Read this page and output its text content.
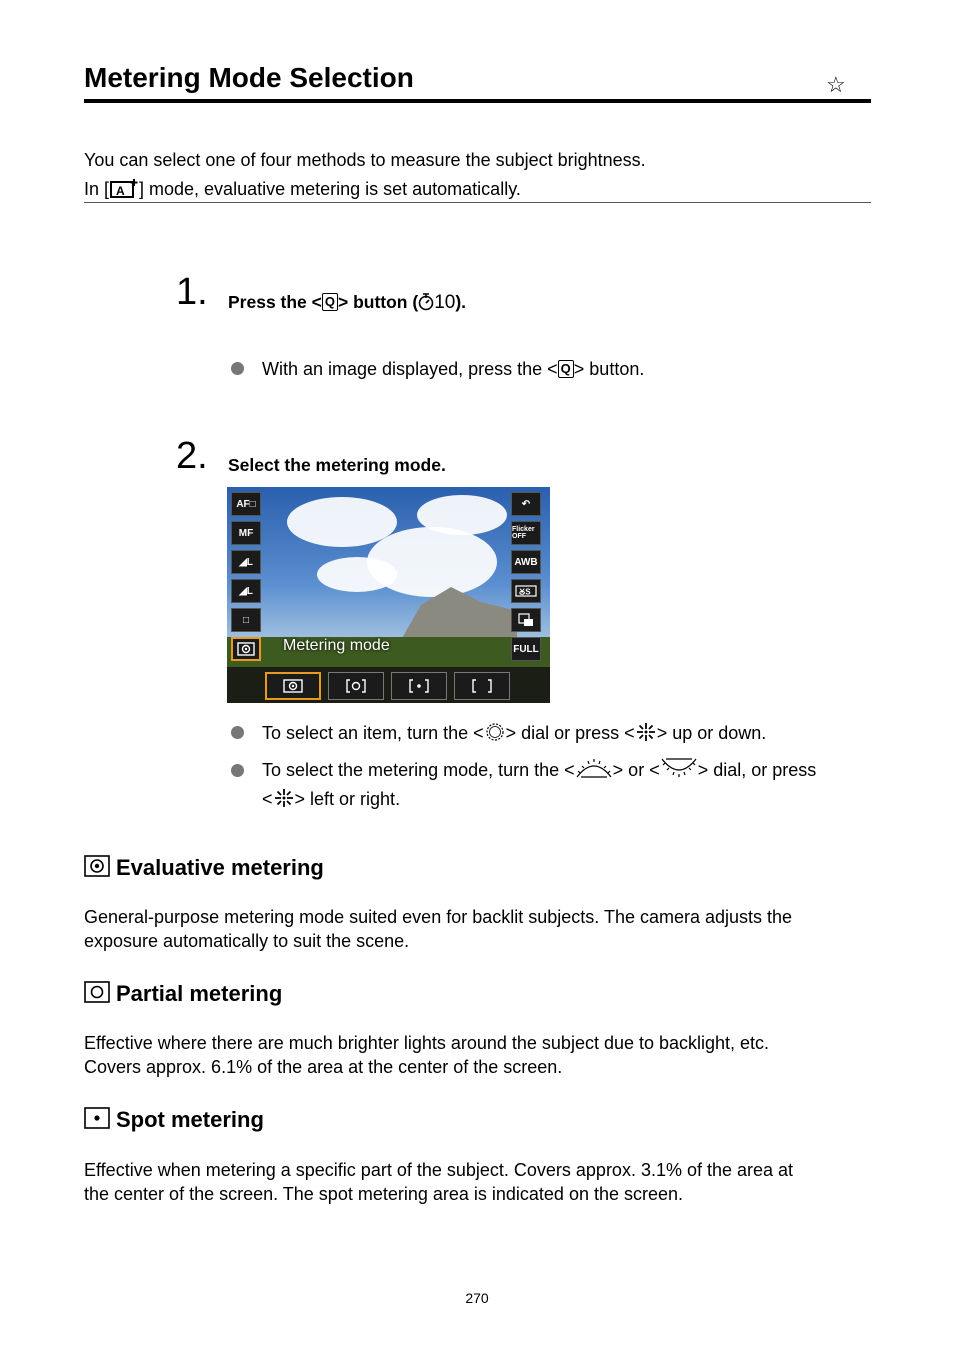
Metering Mode Selection	☆
You can select one of four methods to measure the subject brightness.
In [ A ] mode, evaluative metering is set automatically.
1. Press the < Q > button ( 10).
With an image displayed, press the < Q > button.
2. Select the metering mode.
AF□
MF
◢L
◢L
□
↶
Flicker OFF
AWB
ꙊS
FULL
Metering mode
To select an item, turn the < > dial or press < > up or down.
To select the metering mode, turn the < > or < > dial, or press
< > left or right.
Evaluative metering
General-purpose metering mode suited even for backlit subjects. The camera adjusts the
exposure automatically to suit the scene.
Partial metering
Effective where there are much brighter lights around the subject due to backlight, etc.
Covers approx. 6.1% of the area at the center of the screen.
Spot metering
Effective when metering a specific part of the subject. Covers approx. 3.1% of the area at
the center of the screen. The spot metering area is indicated on the screen.
270
